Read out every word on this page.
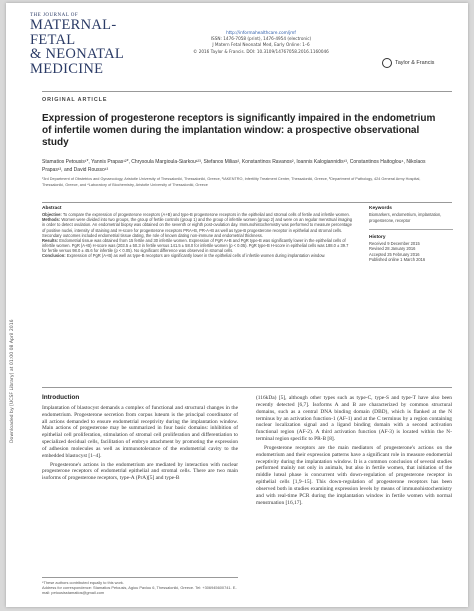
Downloaded by [UCSF Library] at 01:00 08 April 2016
THE JOURNAL OF
MATERNAL-FETAL
& NEONATAL
MEDICINE
http://informahealthcare.com/jmf
ISSN: 1476-7058 (print), 1476-4954 (electronic)
J Matern Fetal Neonatal Med, Early Online: 1–6
© 2016 Taylor & Francis. DOI: 10.3109/14767058.2016.1160046
Taylor & Francis
ORIGINAL ARTICLE
Expression of progesterone receptors is significantly impaired in the endometrium of infertile women during the implantation window: a prospective observational study
Stamatios Petousis¹*, Yannis Prapas¹²*, Chrysoula Margioula-Siarkou¹²³, Stefanos Milias², Konstantinos Ravanos², Ioannis Kalogiannidis¹³, Constantinos Haitoglou⁴, Nikolaos Prapas¹³, and David Rousso¹³
¹3rd Department of Obstetrics and Gynaecology, Aristotle University of Thessaloniki, Thessaloniki, Greece, ²IAKENTRO, Infertility Treatment Center, Thessaloniki, Greece, ³Department of Pathology, 424 General Army Hospital, Thessaloniki, Greece, and ⁴Laboratory of Biochemistry, Aristotle University of Thessaloniki, Greece
Abstract

Objective: To compare the expression of progesterone receptors (A+B) and type-B progesterone receptors in the epithelial and stromal cells of fertile and infertile women.

Methods: Women were divided into two groups, the group of fertile controls (group 1) and the group of infertile women (group 2) and were on an regular menstrual imaging in order to detect ovulation. An endometrial biopsy was obtained on the seventh or eighth post-ovulation day. Immunohistochemistry was performed to measure percentage of positive nuclei, intensity of staining and H-score for progesterone receptors PRA+B, PR-A+B as well as type-B progesterone receptor in epithelial and stromal cells. Secondary outcomes included endometrial tissue dating, the role of known dating non-immune and endometrial thickness.

Results: Endometrial tissue was obtained from 15 fertile and 30 infertile women. Expression of PgR A+B and PgR type-B was significantly lower in the epithelial cells of infertile women. PgR (A+B) H-score was (203.5 ± 50.3 in fertile versus 141.5 ± 58.0 for infertile women (p < 0.05). PgR type-B H-score in epithelial cells was 188.0 ± 39.7 for fertile versus 98.0 ± 45.6 for infertile (p < 0.05). No significant difference was observed in stromal cells.

Conclusion: Expression of PgR (A+B) as well as type-B receptors are significantly lower in the epithelial cells of infertile women during implantation window.

Keywords
Biomarkers, endometrium, implantation, progesterone, receptor
History
Received 9 December 2015
Revised 28 January 2016
Accepted 25 February 2016
Published online 1 March 2016
Introduction

Implantation of blastocyst demands a complex of functional and structural changes in the endometrium. Progesterone secretion from corpus luteum is the principal coordinator of all actions demanded to ensure endometrial receptivity during the implantation window. Main actions of progesterone may be summarized in four basic domains: inhibition of epithelial cell proliferation, stimulation of stromal cell proliferation and differentiation to specialized decidual cells, facilitation of embryo attachment by promoting the expression of adhesion molecules as well as immunotolerance of the endometrial cavity to the embedded blastocyst [1–4].

Progesterone's actions in the endometrium are mediated by interaction with nuclear progesterone receptors of endometrial epithelial and stromal cells. There are two main isoforms of progesterone receptors, type-A (PrA)[5] and type-B

(116kDa) [5], although other types such as type-C, type-S and type-T have also been recently detected [6,7]. Isoforms A and B are characterized by common structural domains, such as a central DNA binding domain (DBD), which is flanked at the N terminus by an activation function-1 (AF-1) and at the C terminus by a region containing nuclear localization signal and a ligand binding domain with a second activation functional region (AF-2). A third activation function (AF-3) is located within the N-terminal region specific to PR-B [8].

Progesterone receptors are the main mediators of progesterone's actions on the endometrium and their expression patterns have a significant role in measure endometrial receptivity during the implantation window. It is a common conclusion of several studies performed mainly not only in animals, but also in fertile women, that initiation of the middle luteal phase is concurrent with down-regulation of progesterone receptor in epithelial cells [1,9–15]. This down-regulation of progesterone receptors has been observed both in studies examining expression levels by means of immunohistochemistry and with real-time PCR during the implantation window in fertile women with normal menstruation [16,17].

*These authors contributed equally to this work.

Address for correspondence: Stamatios Petousis, Agiou Pavlou 6, Thessaloniki, Greece. Tel: +306945600741. E-mail: petousisstamatios@gmail.com
